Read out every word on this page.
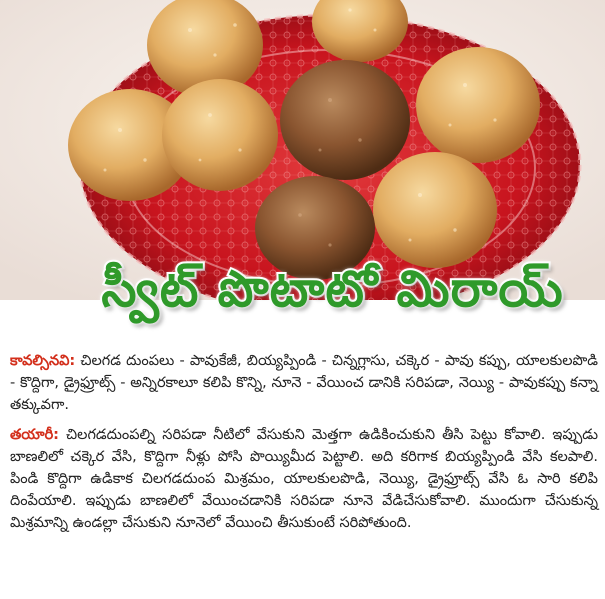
స్వీట్ పొటాటో మిరాయ్

కావల్సినవి: చిలగడ దుంపలు - పావుకేజీ, బియ్యప్పిండి - చిన్నగ్లాసు, చక్కెర - పావు కప్పు, యాలకులపొడి - కొద్దిగా, డ్రైఫ్రూట్స్ - అన్నిరకాలూ కలిపి కొన్ని, నూనె - వేయించ డానికి సరిపడా, నెయ్యి - పావుకప్పు కన్నా తక్కువగా.

తయారీ: చిలగడదుంపల్ని సరిపడా నీటిలో వేసుకుని మెత్తగా ఉడికించుకుని తీసి పెట్టు కోవాలి. ఇప్పుడు బాణలిలో చక్కెర వేసి, కొద్దిగా నీళ్లు పోసి పొయ్యిమీద పెట్టాలి. అది కరిగాక బియ్యప్పిండి వేసి కలపాలి. పిండి కొద్దిగా ఉడికాక చిలగడదుంప మిశ్రమం, యాలకులపొడి, నెయ్యి, డ్రైఫ్రూట్స్ వేసి ఓ సారి కలిపి దింపేయాలి. ఇప్పుడు బాణలిలో వేయించడానికి సరిపడా నూనె వేడిచేసుకోవాలి. ముందుగా చేసుకున్న మిశ్రమాన్ని ఉండల్లా చేసుకుని నూనెలో వేయించి తీసుకుంటే సరిపోతుంది.
